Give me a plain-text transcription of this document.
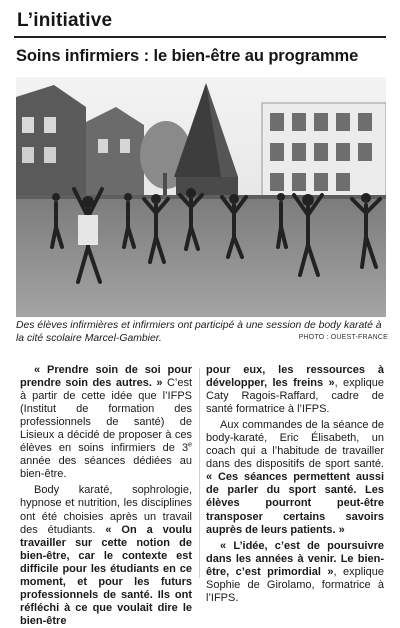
L’initiative
Soins infirmiers : le bien-être au programme
Des élèves infirmières et infirmiers ont participé à une session de body karaté à la cité scolaire Marcel-Gambier.	PHOTO : OUEST-FRANCE

« Prendre soin de soi pour prendre soin des autres. » C’est à partir de cette idée que l’IFPS (Institut de formation des professionnels de santé) de Lisieux a décidé de proposer à ces élèves en soins infirmiers de 3e année des séances dédiées au bien-être.

Body karaté, sophrologie, hypnose et nutrition, les disciplines ont été choisies après un travail des étudiants. « On a voulu travailler sur cette notion de bien-être, car le contexte est difficile pour les étudiants en ce moment, et pour les futurs professionnels de santé. Ils ont réfléchi à ce que voulait dire le bien-être

pour eux, les ressources à développer, les freins », explique Caty Ragois-Raffard, cadre de santé formatrice à l’IFPS.

Aux commandes de la séance de body-karaté, Eric Élisabeth, un coach qui a l’habitude de travailler dans des dispositifs de sport santé. « Ces séances permettent aussi de parler du sport santé. Les élèves pourront peut-être transposer certains savoirs auprès de leurs patients. »

« L’idée, c’est de poursuivre dans les années à venir. Le bien-être, c’est primordial », explique Sophie de Girolamo, formatrice à l’IFPS.
